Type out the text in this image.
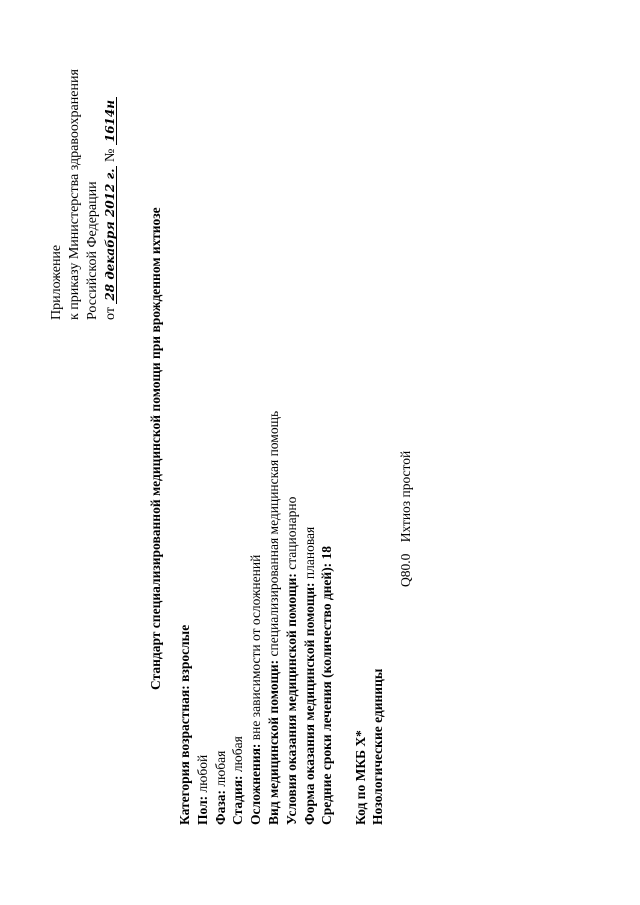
Приложение к приказу Министерства здравоохранения Российской Федерации от 28 декабря 2012 г. № 1614н
Стандарт специализированной медицинской помощи при врожденном ихтиозе
Категория возрастная: взрослые
Пол: любой
Фаза: любая
Стадия: любая Осложнения: вне зависимости от осложнений Вид медицинской помощи: специализированная медицинская помощь
Условия оказания медицинской помощи: стационарно
Форма оказания медицинской помощи: плановая
Средние сроки лечения (количество дней): 18
Код по МКБ X* Нозологические единицы
Q80.0 Ихтиоз простой
